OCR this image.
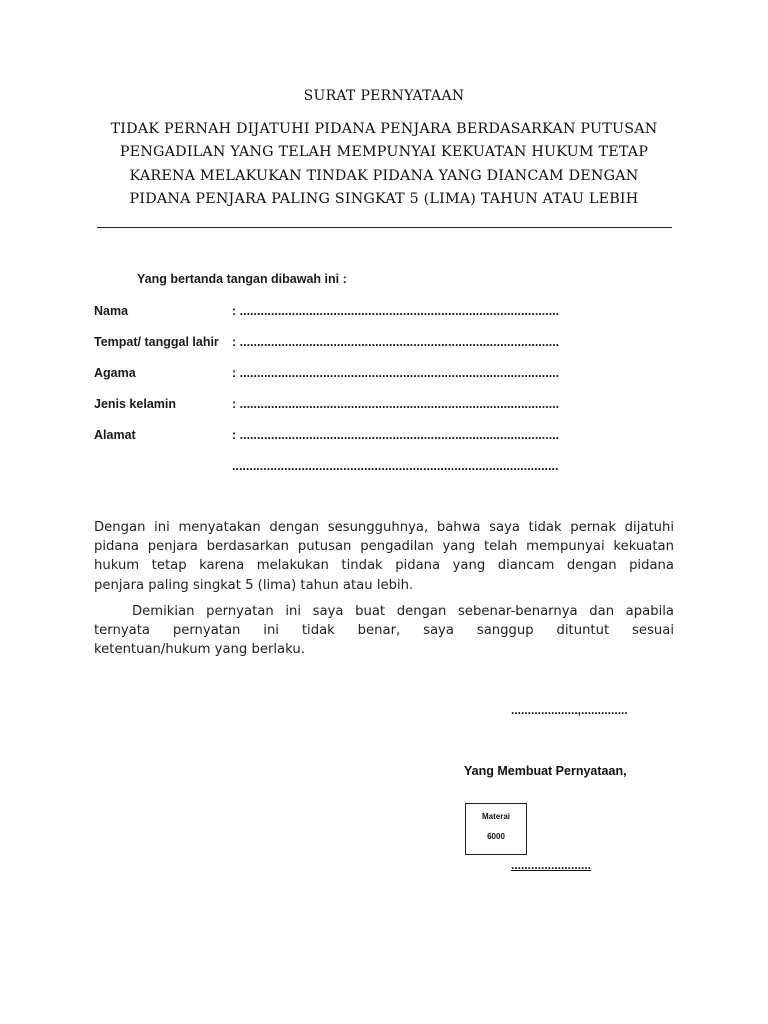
SURAT PERNYATAAN
TIDAK PERNAH DIJATUHI PIDANA PENJARA BERDASARKAN PUTUSAN
PENGADILAN YANG TELAH MEMPUNYAI KEKUATAN HUKUM TETAP
KARENA MELAKUKAN TINDAK PIDANA YANG DIANCAM DENGAN
PIDANA PENJARA PALING SINGKAT 5 (LIMA) TAHUN ATAU LEBIH
Yang bertanda tangan dibawah ini :
Nama	: ............................................................................................
Tempat/ tanggal lahir : ............................................................................................
Agama	: ............................................................................................
Jenis kelamin	: ............................................................................................
Alamat	: ............................................................................................
..............................................................................................
Dengan ini menyatakan dengan sesungguhnya, bahwa saya tidak pernak dijatuhi
pidana penjara berdasarkan putusan pengadilan yang telah mempunyai kekuatan
hukum tetap karena melakukan tindak pidana yang diancam dengan pidana
penjara paling singkat 5 (lima) tahun atau lebih.
Demikian pernyatan ini saya buat dengan sebenar-benarnya dan apabila
ternyata pernyatan ini tidak benar, saya sanggup dituntut sesuai
ketentuan/hukum yang berlaku.
....................,..............
Yang Membuat Pernyataan,
Materai
6000
........................
